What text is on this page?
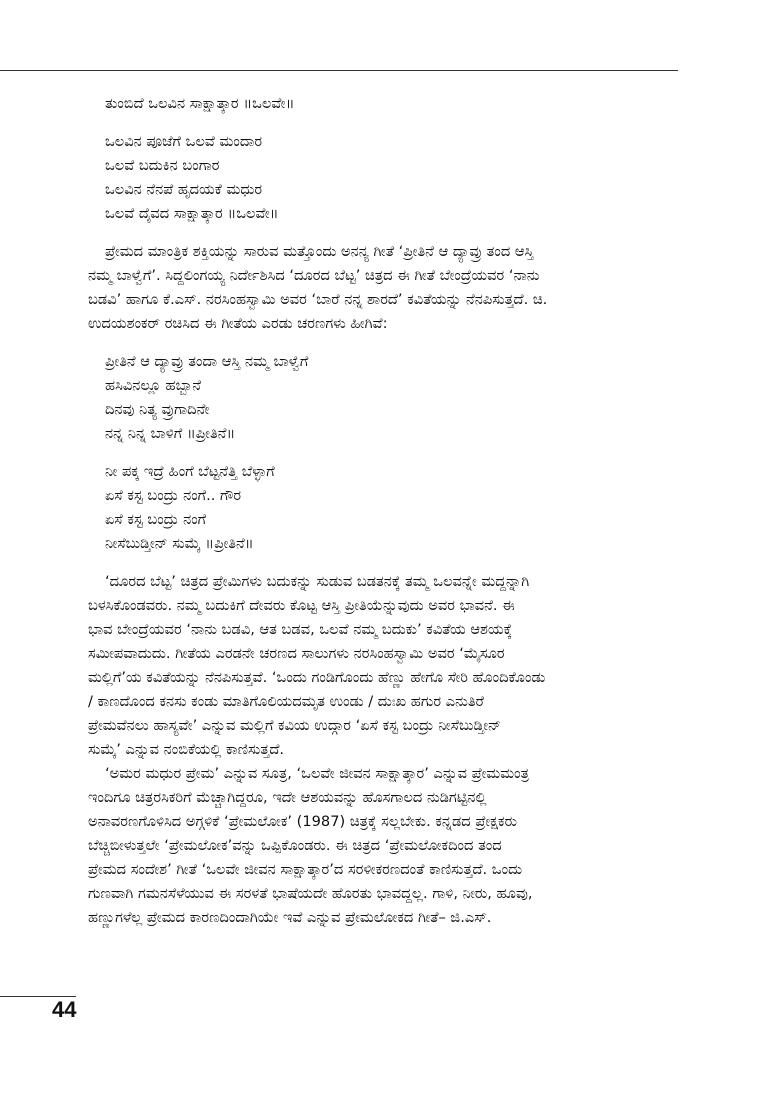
ತುಂಬಿದೆ ಒಲವಿನ ಸಾಕ್ಷಾತ್ಕಾರ ॥ಒಲವೇ॥
ಒಲವಿನ ಪೂಜೆಗೆ ಒಲವೆ ಮಂದಾರ
ಒಲವೆ ಬದುಕಿನ ಬಂಗಾರ
ಒಲವಿನ ನೆನಪೆ ಹೃದಯಕೆ ಮಧುರ
ಒಲವೆ ದೈವದ ಸಾಕ್ಷಾತ್ಕಾರ ॥ಒಲವೇ॥
ಪ್ರೇಮದ ಮಾಂತ್ರಿಕ ಶಕ್ತಿಯನ್ನು ಸಾರುವ ಮತ್ತೊಂದು ಅನನ್ಯ ಗೀತೆ ‘ಪ್ರೀತಿನೆ ಆ ದ್ಯಾವ್ರು ತಂದ ಆಸ್ತಿ
ನಮ್ಮ ಬಾಳ್ವೆಗೆ’. ಸಿದ್ದಲಿಂಗಯ್ಯ ನಿರ್ದೇಶಿಸಿದ ‘ದೂರದ ಬೆಟ್ಟ’ ಚಿತ್ರದ ಈ ಗೀತೆ ಬೇಂದ್ರೆಯವರ ‘ನಾನು
ಬಡವಿ’ ಹಾಗೂ ಕೆ.ಎಸ್. ನರಸಿಂಹಸ್ವಾಮಿ ಅವರ ‘ಬಾರೆ ನನ್ನ ಶಾರದೆ’ ಕವಿತೆಯನ್ನು ನೆನಪಿಸುತ್ತದೆ. ಚಿ.
ಉದಯಶಂಕರ್ ರಚಿಸಿದ ಈ ಗೀತೆಯ ಎರಡು ಚರಣಗಳು ಹೀಗಿವೆ:
ಪ್ರೀತಿನೆ ಆ ದ್ಯಾವ್ರು ತಂದಾ ಆಸ್ತಿ ನಮ್ಮ ಬಾಳ್ವೆಗೆ
ಹಸಿವಿನಲ್ಲೂ ಹಬ್ಬಾನೆ
ದಿನವು ನಿತ್ಯ ವ್ರುಗಾದಿನೇ
ನನ್ನ ನಿನ್ನ ಬಾಳಿಗೆ ॥ಪ್ರೀತಿನೆ॥
ನೀ ಪಕ್ಕ ಇದ್ರೆ ಹಿಂಗೆ ಬೆಟ್ಟನೆತ್ತಿ ಬೆಳ್ಳಾಗೆ
ಏಸೆ ಕಸ್ಟ ಬಂದ್ರು ನಂಗೆ.. ಗೌರ
ಏಸೆ ಕಸ್ಟ ಬಂದ್ರು ನಂಗೆ
ನೀಸೆಬುಡ್ತೀನ್ ಸುಮ್ಕೆ ॥ಪ್ರೀತಿನೆ॥
‘ದೂರದ ಬೆಟ್ಟ’ ಚಿತ್ರದ ಪ್ರೇಮಿಗಳು ಬದುಕನ್ನು ಸುಡುವ ಬಡತನಕ್ಕೆ ತಮ್ಮ ಒಲವನ್ನೇ ಮದ್ದನ್ನಾಗಿ
ಬಳಸಿಕೊಂಡವರು. ನಮ್ಮ ಬದುಕಿಗೆ ದೇವರು ಕೊಟ್ಟ ಆಸ್ತಿ ಪ್ರೀತಿಯೆನ್ನುವುದು ಅವರ ಭಾವನೆ. ಈ
ಭಾವ ಬೇಂದ್ರೆಯವರ ‘ನಾನು ಬಡವಿ, ಆತ ಬಡವ, ಒಲವೆ ನಮ್ಮ ಬದುಕು’ ಕವಿತೆಯ ಆಶಯಕ್ಕೆ
ಸಮೀಪವಾದುದು. ಗೀತೆಯ ಎರಡನೇ ಚರಣದ ಸಾಲುಗಳು ನರಸಿಂಹಸ್ವಾಮಿ ಅವರ ‘ಮೈಸೂರ
ಮಲ್ಲಿಗೆ’ಯ ಕವಿತೆಯನ್ನು ನೆನಪಿಸುತ್ತವೆ. ‘ಒಂದು ಗಂಡಿಗೊಂದು ಹೆಣ್ಣು ಹೇಗೊ ಸೇರಿ ಹೊಂದಿಕೊಂಡು
/ ಕಾಣದೊಂದ ಕನಸು ಕಂಡು ಮಾತಿಗೊಲಿಯದಮೃತ ಉಂಡು / ದುಃಖ ಹಗುರ ಎನುತಿರೆ
ಪ್ರೇಮವೆನಲು ಹಾಸ್ಯವೇ’ ಎನ್ನುವ ಮಲ್ಲಿಗೆ ಕವಿಯ ಉದ್ಗಾರ ‘ಏಸೆ ಕಸ್ಟ ಬಂದ್ರು ನೀಸೆಬುಡ್ತೀನ್
ಸುಮ್ಕೆ’ ಎನ್ನುವ ನಂಬಿಕೆಯಲ್ಲಿ ಕಾಣಿಸುತ್ತದೆ.
‘ಅಮರ ಮಧುರ ಪ್ರೇಮ’ ಎನ್ನುವ ಸೂತ್ರ, ‘ಒಲವೇ ಜೀವನ ಸಾಕ್ಷಾತ್ಕಾರ’ ಎನ್ನುವ ಪ್ರೇಮಮಂತ್ರ
ಇಂದಿಗೂ ಚಿತ್ರರಸಿಕರಿಗೆ ಮೆಚ್ಚಾಗಿದ್ದರೂ, ಇದೇ ಆಶಯವನ್ನು ಹೊಸಗಾಲದ ನುಡಿಗಟ್ಟಿನಲ್ಲಿ
ಅನಾವರಣಗೊಳಿಸಿದ ಅಗ್ಗಳಿಕೆ ‘ಪ್ರೇಮಲೋಕ’ (1987) ಚಿತ್ರಕ್ಕೆ ಸಲ್ಲಬೇಕು. ಕನ್ನಡದ ಪ್ರೇಕ್ಷಕರು
ಬೆಚ್ಚಿಬೀಳುತ್ತಲೇ ‘ಪ್ರೇಮಲೋಕ’ವನ್ನು ಒಪ್ಪಿಕೊಂಡರು. ಈ ಚಿತ್ರದ ‘ಪ್ರೇಮಲೋಕದಿಂದ ತಂದ
ಪ್ರೇಮದ ಸಂದೇಶ’ ಗೀತೆ ‘ಒಲವೇ ಜೀವನ ಸಾಕ್ಷಾತ್ಕಾರ’ದ ಸರಳೀಕರಣದಂತೆ ಕಾಣಿಸುತ್ತದೆ. ಒಂದು
ಗುಣವಾಗಿ ಗಮನಸೆಳೆಯುವ ಈ ಸರಳತೆ ಭಾಷೆಯದೇ ಹೊರತು ಭಾವದ್ದಲ್ಲ. ಗಾಳಿ, ನೀರು, ಹೂವು,
ಹಣ್ಣುಗಳೆಲ್ಲ ಪ್ರೇಮದ ಕಾರಣದಿಂದಾಗಿಯೇ ಇವೆ ಎನ್ನುವ ಪ್ರೇಮಲೋಕದ ಗೀತೆ– ಜಿ.ಎಸ್.
44
